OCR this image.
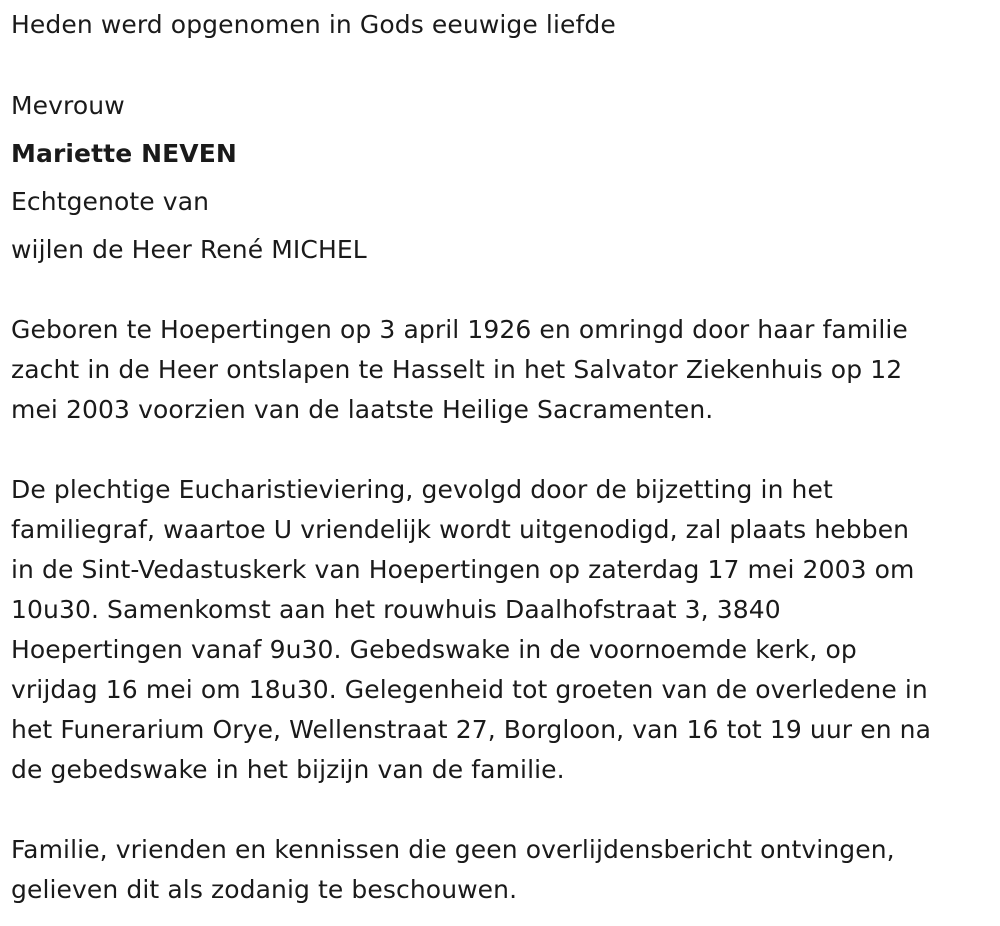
Heden werd opgenomen in Gods eeuwige liefde
Mevrouw
Mariette NEVEN
Echtgenote van
wijlen de Heer René MICHEL
Geboren te Hoepertingen op 3 april 1926 en omringd door haar familie
zacht in de Heer ontslapen te Hasselt in het Salvator Ziekenhuis op 12
mei 2003 voorzien van de laatste Heilige Sacramenten.
De plechtige Eucharistieviering, gevolgd door de bijzetting in het
familiegraf, waartoe U vriendelijk wordt uitgenodigd, zal plaats hebben
in de Sint-Vedastuskerk van Hoepertingen op zaterdag 17 mei 2003 om
10u30. Samenkomst aan het rouwhuis Daalhofstraat 3, 3840
Hoepertingen vanaf 9u30. Gebedswake in de voornoemde kerk, op
vrijdag 16 mei om 18u30. Gelegenheid tot groeten van de overledene in
het Funerarium Orye, Wellenstraat 27, Borgloon, van 16 tot 19 uur en na
de gebedswake in het bijzijn van de familie.
Familie, vrienden en kennissen die geen overlijdensbericht ontvingen,
gelieven dit als zodanig te beschouwen.
